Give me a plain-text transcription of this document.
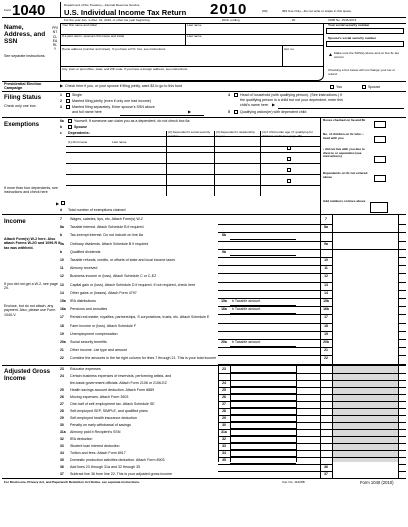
Form 1040	Department of the Treasury—Internal Revenue Service
U.S. Individual Income Tax Return 2010	(99)	IRS Use Only—Do not write or staple in this space.
For the year Jan. 1–Dec. 31, 2010, or other tax year beginning	, 2010, ending	, 20	OMB No. 1545-0074
Name, Address, and SSN
See separate instructions.
PRINT CLEARLY
Your first name and initial	Last name
If a joint return, spouse's first name and initial	Last name
Home address (number and street). If you have a P.O. box, see instructions.	Apt. no.
City, town or post office, state, and ZIP code. If you have a foreign address, see instructions.
Your social security number
Spouse's social security number
▲ Make sure the SSN(s) above and on line 6c are correct.
Checking a box below will not change your tax or refund.
Presidential Election Campaign
▶ Check here if you, or your spouse if filing jointly, want $3 to go to this fund	You	Spouse
Filing Status
Check only one box.
1	Single
2	Married filing jointly (even if only one had income)
3	Married filing separately. Enter spouse's SSN above
and full name here	▶
4	Head of household (with qualifying person). (See instructions.) If
the qualifying person is a child but not your dependent, enter this
child's name here. ▶
5	Qualifying widow(er) with dependent child
Exemptions	6a	Yourself. If someone can claim you as a dependent, do not check box 6a
b	Spouse
c Dependents:
(1) First name	Last name
(2) Dependent's social security number
(3) Dependent's relationship to you
(4) if child under age 17 qualifying for child tax credit (see page 15)
If more than four dependents, see instructions and check here
▶
d Total number of exemptions claimed
Boxes checked on 6a and 6b
No. of children on 6c who: • lived with you
• did not live with you due to divorce or separation (see instructions)
Dependents on 6c not entered above
Add numbers on lines above
Income
Attach Form(s) W-2 here. Also attach Forms W-2G and 1099-R if tax was withheld.
If you did not get a W-2, see page 20.
Enclose, but do not attach, any payment. Also, please use Form 1040-V.
7 Wages, salaries, tips, etc. Attach Form(s) W-2	7
8a Taxable interest. Attach Schedule B if required	8a
b Tax-exempt interest. Do not include on line 8a	8b
9a Ordinary dividends. Attach Schedule B if required	9a
b Qualified dividends	9b
10 Taxable refunds, credits, or offsets of state and local income taxes	10
11 Alimony received	11
12 Business income or (loss). Attach Schedule C or C-EZ	12
13 Capital gain or (loss). Attach Schedule D if required. If not required, check here	13
14 Other gains or (losses). Attach Form 4797	14
15a IRA distributions	15a	b Taxable amount	15b
16a Pensions and annuities	16a	b Taxable amount	16b
17 Rental real estate, royalties, partnerships, S corporations, trusts, etc. Attach Schedule E	17
18 Farm income or (loss). Attach Schedule F	18
19 Unemployment compensation	19
20a Social security benefits	20a	b Taxable amount	20b
21 Other income. List type and amount	21
22 Combine the amounts in the far right column for lines 7 through 21. This is your total income	22
Adjusted Gross Income
23 Educator expenses	23
24 Certain business expenses of reservists, performing artists, and
fee-basis government officials. Attach Form 2106 or 2106-EZ	24
25 Health savings account deduction. Attach Form 8889	25
26 Moving expenses. Attach Form 3903	26
27 One-half of self-employment tax. Attach Schedule SE	27
28 Self-employed SEP, SIMPLE, and qualified plans	28
29 Self-employed health insurance deduction	29
30 Penalty on early withdrawal of savings	30
31a Alimony paid b Recipient's SSN	31a
32 IRA deduction	32
33 Student loan interest deduction	33
34 Tuition and fees. Attach Form 8917	34
35 Domestic production activities deduction. Attach Form 8903	35
36 Add lines 23 through 31a and 32 through 35	36
37 Subtract line 36 from line 22. This is your adjusted gross income	37
For Disclosure, Privacy Act, and Paperwork Reduction Act Notice, see separate instructions.	Cat. No. 11320B	Form 1040 (2010)
